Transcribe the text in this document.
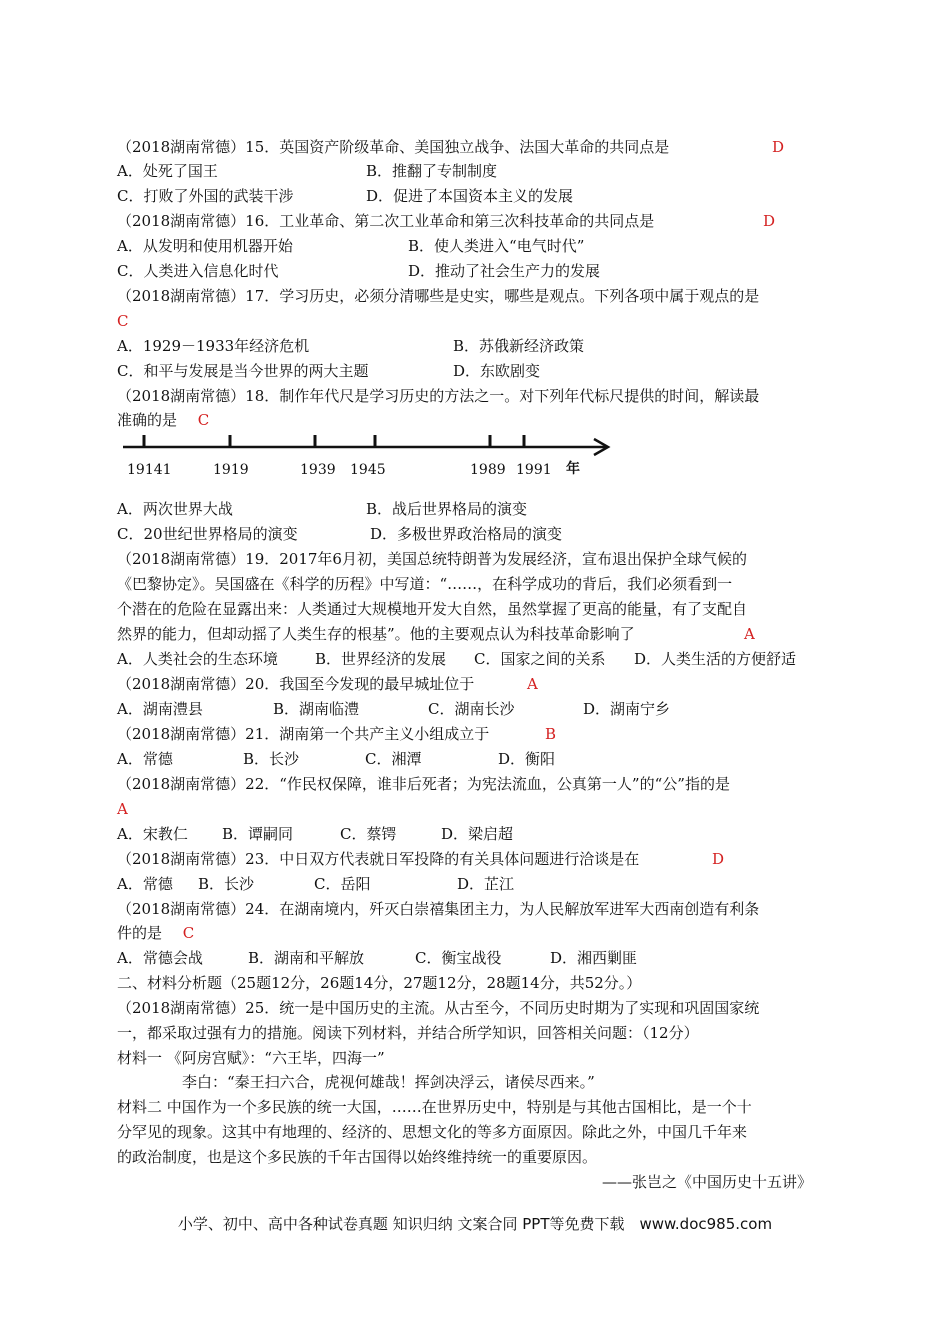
（2018湖南常德）15．英国资产阶级革命、美国独立战争、法国大革命的共同点是	D
A．处死了国王	B．推翻了专制制度
C．打败了外国的武装干涉	D．促进了本国资本主义的发展
（2018湖南常德）16．工业革命、第二次工业革命和第三次科技革命的共同点是	D
A．从发明和使用机器开始	B．使人类进入“电气时代”
C．人类进入信息化时代	D．推动了社会生产力的发展
（2018湖南常德）17．学习历史，必须分清哪些是史实，哪些是观点。下列各项中属于观点的是
C
A．1929－1933年经济危机	B．苏俄新经济政策
C．和平与发展是当今世界的两大主题	D．东欧剧变
（2018湖南常德）18．制作年代尺是学习历史的方法之一。对下列年代标尺提供的时间，解读最
准确的是 C
19141	1919	1939 1945	1989 1991 年
A．两次世界大战	B．战后世界格局的演变
C．20世纪世界格局的演变	D．多极世界政治格局的演变
（2018湖南常德）19．2017年6月初，美国总统特朗普为发展经济，宣布退出保护全球气候的
《巴黎协定》。吴国盛在《科学的历程》中写道：“……，在科学成功的背后，我们必须看到一
个潜在的危险在显露出来：人类通过大规模地开发大自然，虽然掌握了更高的能量，有了支配自
然界的能力，但却动摇了人类生存的根基”。他的主要观点认为科技革命影响了	A
A．人类社会的生态环境 B．世界经济的发展 C．国家之间的关系 D．人类生活的方便舒适
（2018湖南常德）20．我国至今发现的最早城址位于	A
A．湖南澧县	B．湖南临澧	C．湖南长沙	D．湖南宁乡
（2018湖南常德）21．湖南第一个共产主义小组成立于	B
A．常德	B．长沙	C．湘潭	D．衡阳
（2018湖南常德）22．“作民权保障，谁非后死者；为宪法流血，公真第一人”的“公”指的是
A
A．宋教仁 B．谭嗣同	C．蔡锷	D．梁启超
（2018湖南常德）23．中日双方代表就日军投降的有关具体问题进行洽谈是在	D
A．常德 B．长沙	C．岳阳	D．芷江
（2018湖南常德）24．在湖南境内，歼灭白崇禧集团主力，为人民解放军进军大西南创造有利条
件的是 C
A．常德会战	B．湖南和平解放	C．衡宝战役	D．湘西剿匪
二、材料分析题（25题12分，26题14分，27题12分，28题14分，共52分。）
（2018湖南常德）25．统一是中国历史的主流。从古至今，不同历史时期为了实现和巩固国家统
一，都采取过强有力的措施。阅读下列材料，并结合所学知识，回答相关问题：（12分）
材料一 《阿房宫赋》：“六王毕，四海一”
李白：“秦王扫六合，虎视何雄哉！挥剑决浮云，诸侯尽西来。”
材料二 中国作为一个多民族的统一大国，……在世界历史中，特别是与其他古国相比，是一个十
分罕见的现象。这其中有地理的、经济的、思想文化的等多方面原因。除此之外，中国几千年来
的政治制度，也是这个多民族的千年古国得以始终维持统一的重要原因。
——张岂之《中国历史十五讲》
小学、初中、高中各种试卷真题 知识归纳 文案合同 PPT等免费下载　www.doc985.com
